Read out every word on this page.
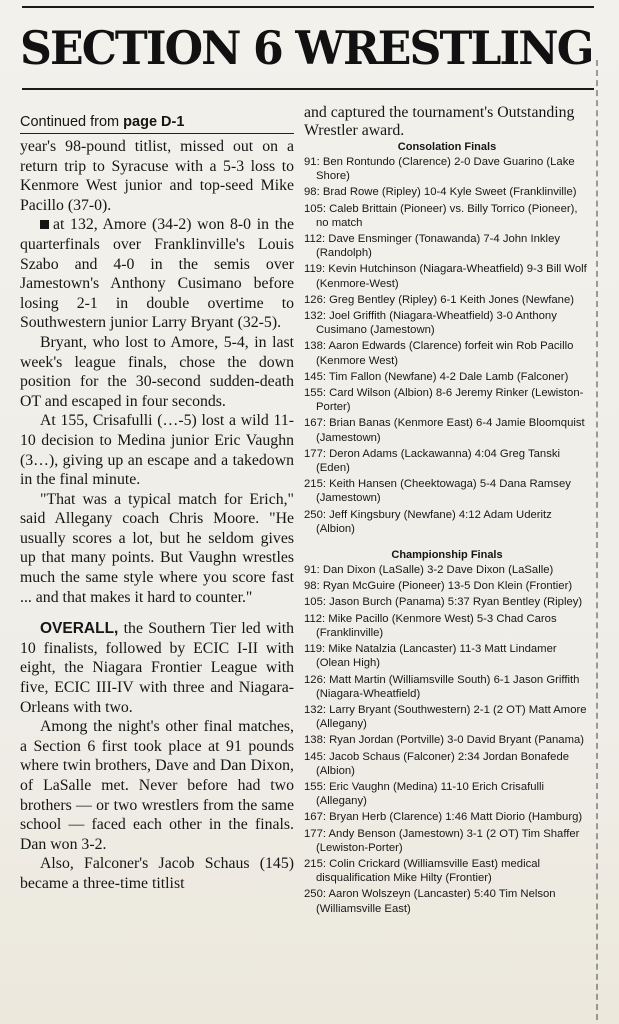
SECTION 6 WRESTLING
Continued from page D-1

year's 98-pound titlist, missed out on a return trip to Syracuse with a 5-3 loss to Kenmore West junior and top-seed Mike Pacillo (37-0).

at 132, Amore (34-2) won 8-0 in the quarterfinals over Franklinville's Louis Szabo and 4-0 in the semis over Jamestown's Anthony Cusimano before losing 2-1 in double overtime to Southwestern junior Larry Bryant (32-5).

Bryant, who lost to Amore, 5-4, in last week's league finals, chose the down position for the 30-second sudden-death OT and escaped in four seconds.

At 155, Crisafulli (…-5) lost a wild 11-10 decision to Medina junior Eric Vaughn (3…), giving up an escape and a takedown in the final minute.

"That was a typical match for Erich," said Allegany coach Chris Moore. "He usually scores a lot, but he seldom gives up that many points. But Vaughn wrestles much the same style where you score fast ... and that makes it hard to counter."

OVERALL, the Southern Tier led with 10 finalists, followed by ECIC I-II with eight, the Niagara Frontier League with five, ECIC III-IV with three and Niagara-Orleans with two.

Among the night's other final matches, a Section 6 first took place at 91 pounds where twin brothers, Dave and Dan Dixon, of LaSalle met. Never before had two brothers — or two wrestlers from the same school — faced each other in the finals. Dan won 3-2.

Also, Falconer's Jacob Schaus (145) became a three-time titlist

and captured the tournament's Outstanding Wrestler award.

Consolation Finals

91: Ben Rontundo (Clarence) 2-0 Dave Guarino (Lake Shore)

98: Brad Rowe (Ripley) 10-4 Kyle Sweet (Franklinville)

105: Caleb Brittain (Pioneer) vs. Billy Torrico (Pioneer), no match

112: Dave Ensminger (Tonawanda) 7-4 John Inkley (Randolph)

119: Kevin Hutchinson (Niagara-Wheatfield) 9-3 Bill Wolf (Kenmore-West)

126: Greg Bentley (Ripley) 6-1 Keith Jones (Newfane)

132: Joel Griffith (Niagara-Wheatfield) 3-0 Anthony Cusimano (Jamestown)

138: Aaron Edwards (Clarence) forfeit win Rob Pacillo (Kenmore West)

145: Tim Fallon (Newfane) 4-2 Dale Lamb (Falconer)

155: Card Wilson (Albion) 8-6 Jeremy Rinker (Lewiston-Porter)

167: Brian Banas (Kenmore East) 6-4 Jamie Bloomquist (Jamestown)

177: Deron Adams (Lackawanna) 4:04 Greg Tanski (Eden)

215: Keith Hansen (Cheektowaga) 5-4 Dana Ramsey (Jamestown)

250: Jeff Kingsbury (Newfane) 4:12 Adam Uderitz (Albion)

Championship Finals

91: Dan Dixon (LaSalle) 3-2 Dave Dixon (LaSalle)

98: Ryan McGuire (Pioneer) 13-5 Don Klein (Frontier)

105: Jason Burch (Panama) 5:37 Ryan Bentley (Ripley)

112: Mike Pacillo (Kenmore West) 5-3 Chad Caros (Franklinville)

119: Mike Natalzia (Lancaster) 11-3 Matt Lindamer (Olean High)

126: Matt Martin (Williamsville South) 6-1 Jason Griffith (Niagara-Wheatfield)

132: Larry Bryant (Southwestern) 2-1 (2 OT) Matt Amore (Allegany)

138: Ryan Jordan (Portville) 3-0 David Bryant (Panama)

145: Jacob Schaus (Falconer) 2:34 Jordan Bonafede (Albion)

155: Eric Vaughn (Medina) 11-10 Erich Crisafulli (Allegany)

167: Bryan Herb (Clarence) 1:46 Matt Diorio (Hamburg)

177: Andy Benson (Jamestown) 3-1 (2 OT) Tim Shaffer (Lewiston-Porter)

215: Colin Crickard (Williamsville East) medical disqualification Mike Hilty (Frontier)

250: Aaron Wolszeyn (Lancaster) 5:40 Tim Nelson (Williamsville East)
